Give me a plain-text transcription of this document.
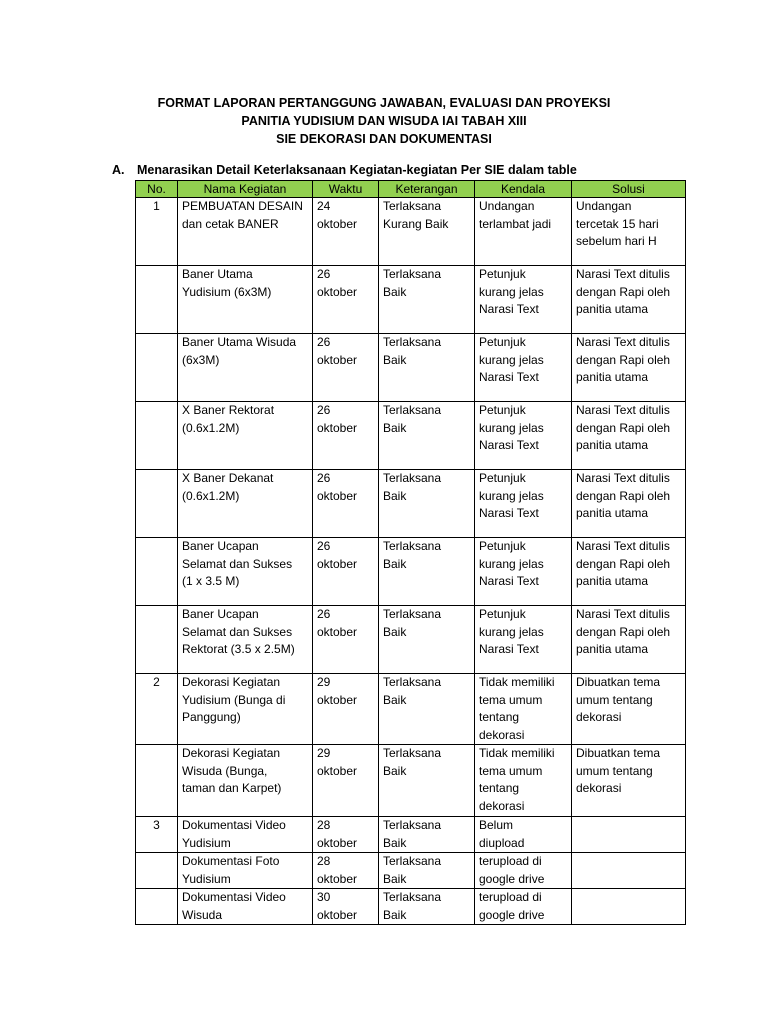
FORMAT LAPORAN PERTANGGUNG JAWABAN, EVALUASI DAN PROYEKSI
PANITIA YUDISIUM DAN WISUDA IAI TABAH XIII
SIE DEKORASI DAN DOKUMENTASI
A. Menarasikan Detail Keterlaksanaan Kegiatan-kegiatan Per SIE dalam table
No.	Nama Kegiatan	Waktu	Keterangan	Kendala	Solusi

1	PEMBUATAN DESAIN
dan cetak BANER	24
oktober	Terlaksana
Kurang Baik	Undangan
terlambat jadi	Undangan
tercetak 15 hari
sebelum hari H

	Baner Utama
Yudisium (6x3M)	26
oktober	Terlaksana
Baik	Petunjuk
kurang jelas
Narasi Text	Narasi Text ditulis
dengan Rapi oleh
panitia utama

	Baner Utama Wisuda
(6x3M)	26
oktober	Terlaksana
Baik	Petunjuk
kurang jelas
Narasi Text	Narasi Text ditulis
dengan Rapi oleh
panitia utama

	X Baner Rektorat
(0.6x1.2M)	26
oktober	Terlaksana
Baik	Petunjuk
kurang jelas
Narasi Text	Narasi Text ditulis
dengan Rapi oleh
panitia utama

	X Baner Dekanat
(0.6x1.2M)	26
oktober	Terlaksana
Baik	Petunjuk
kurang jelas
Narasi Text	Narasi Text ditulis
dengan Rapi oleh
panitia utama

	Baner Ucapan
Selamat dan Sukses
(1 x 3.5 M)	26
oktober	Terlaksana
Baik	Petunjuk
kurang jelas
Narasi Text	Narasi Text ditulis
dengan Rapi oleh
panitia utama

	Baner Ucapan
Selamat dan Sukses
Rektorat (3.5 x 2.5M)	26
oktober	Terlaksana
Baik	Petunjuk
kurang jelas
Narasi Text	Narasi Text ditulis
dengan Rapi oleh
panitia utama

2	Dekorasi Kegiatan
Yudisium (Bunga di
Panggung)	29
oktober	Terlaksana
Baik	Tidak memiliki
tema umum
tentang
dekorasi	Dibuatkan tema
umum tentang
dekorasi

	Dekorasi Kegiatan
Wisuda (Bunga,
taman dan Karpet)	29
oktober	Terlaksana
Baik	Tidak memiliki
tema umum
tentang
dekorasi	Dibuatkan tema
umum tentang
dekorasi

3	Dokumentasi Video
Yudisium	28
oktober	Terlaksana
Baik	Belum
diupload	

	Dokumentasi Foto
Yudisium	28
oktober	Terlaksana
Baik	terupload di
google drive	

	Dokumentasi Video
Wisuda	30
oktober	Terlaksana
Baik	terupload di
google drive	
